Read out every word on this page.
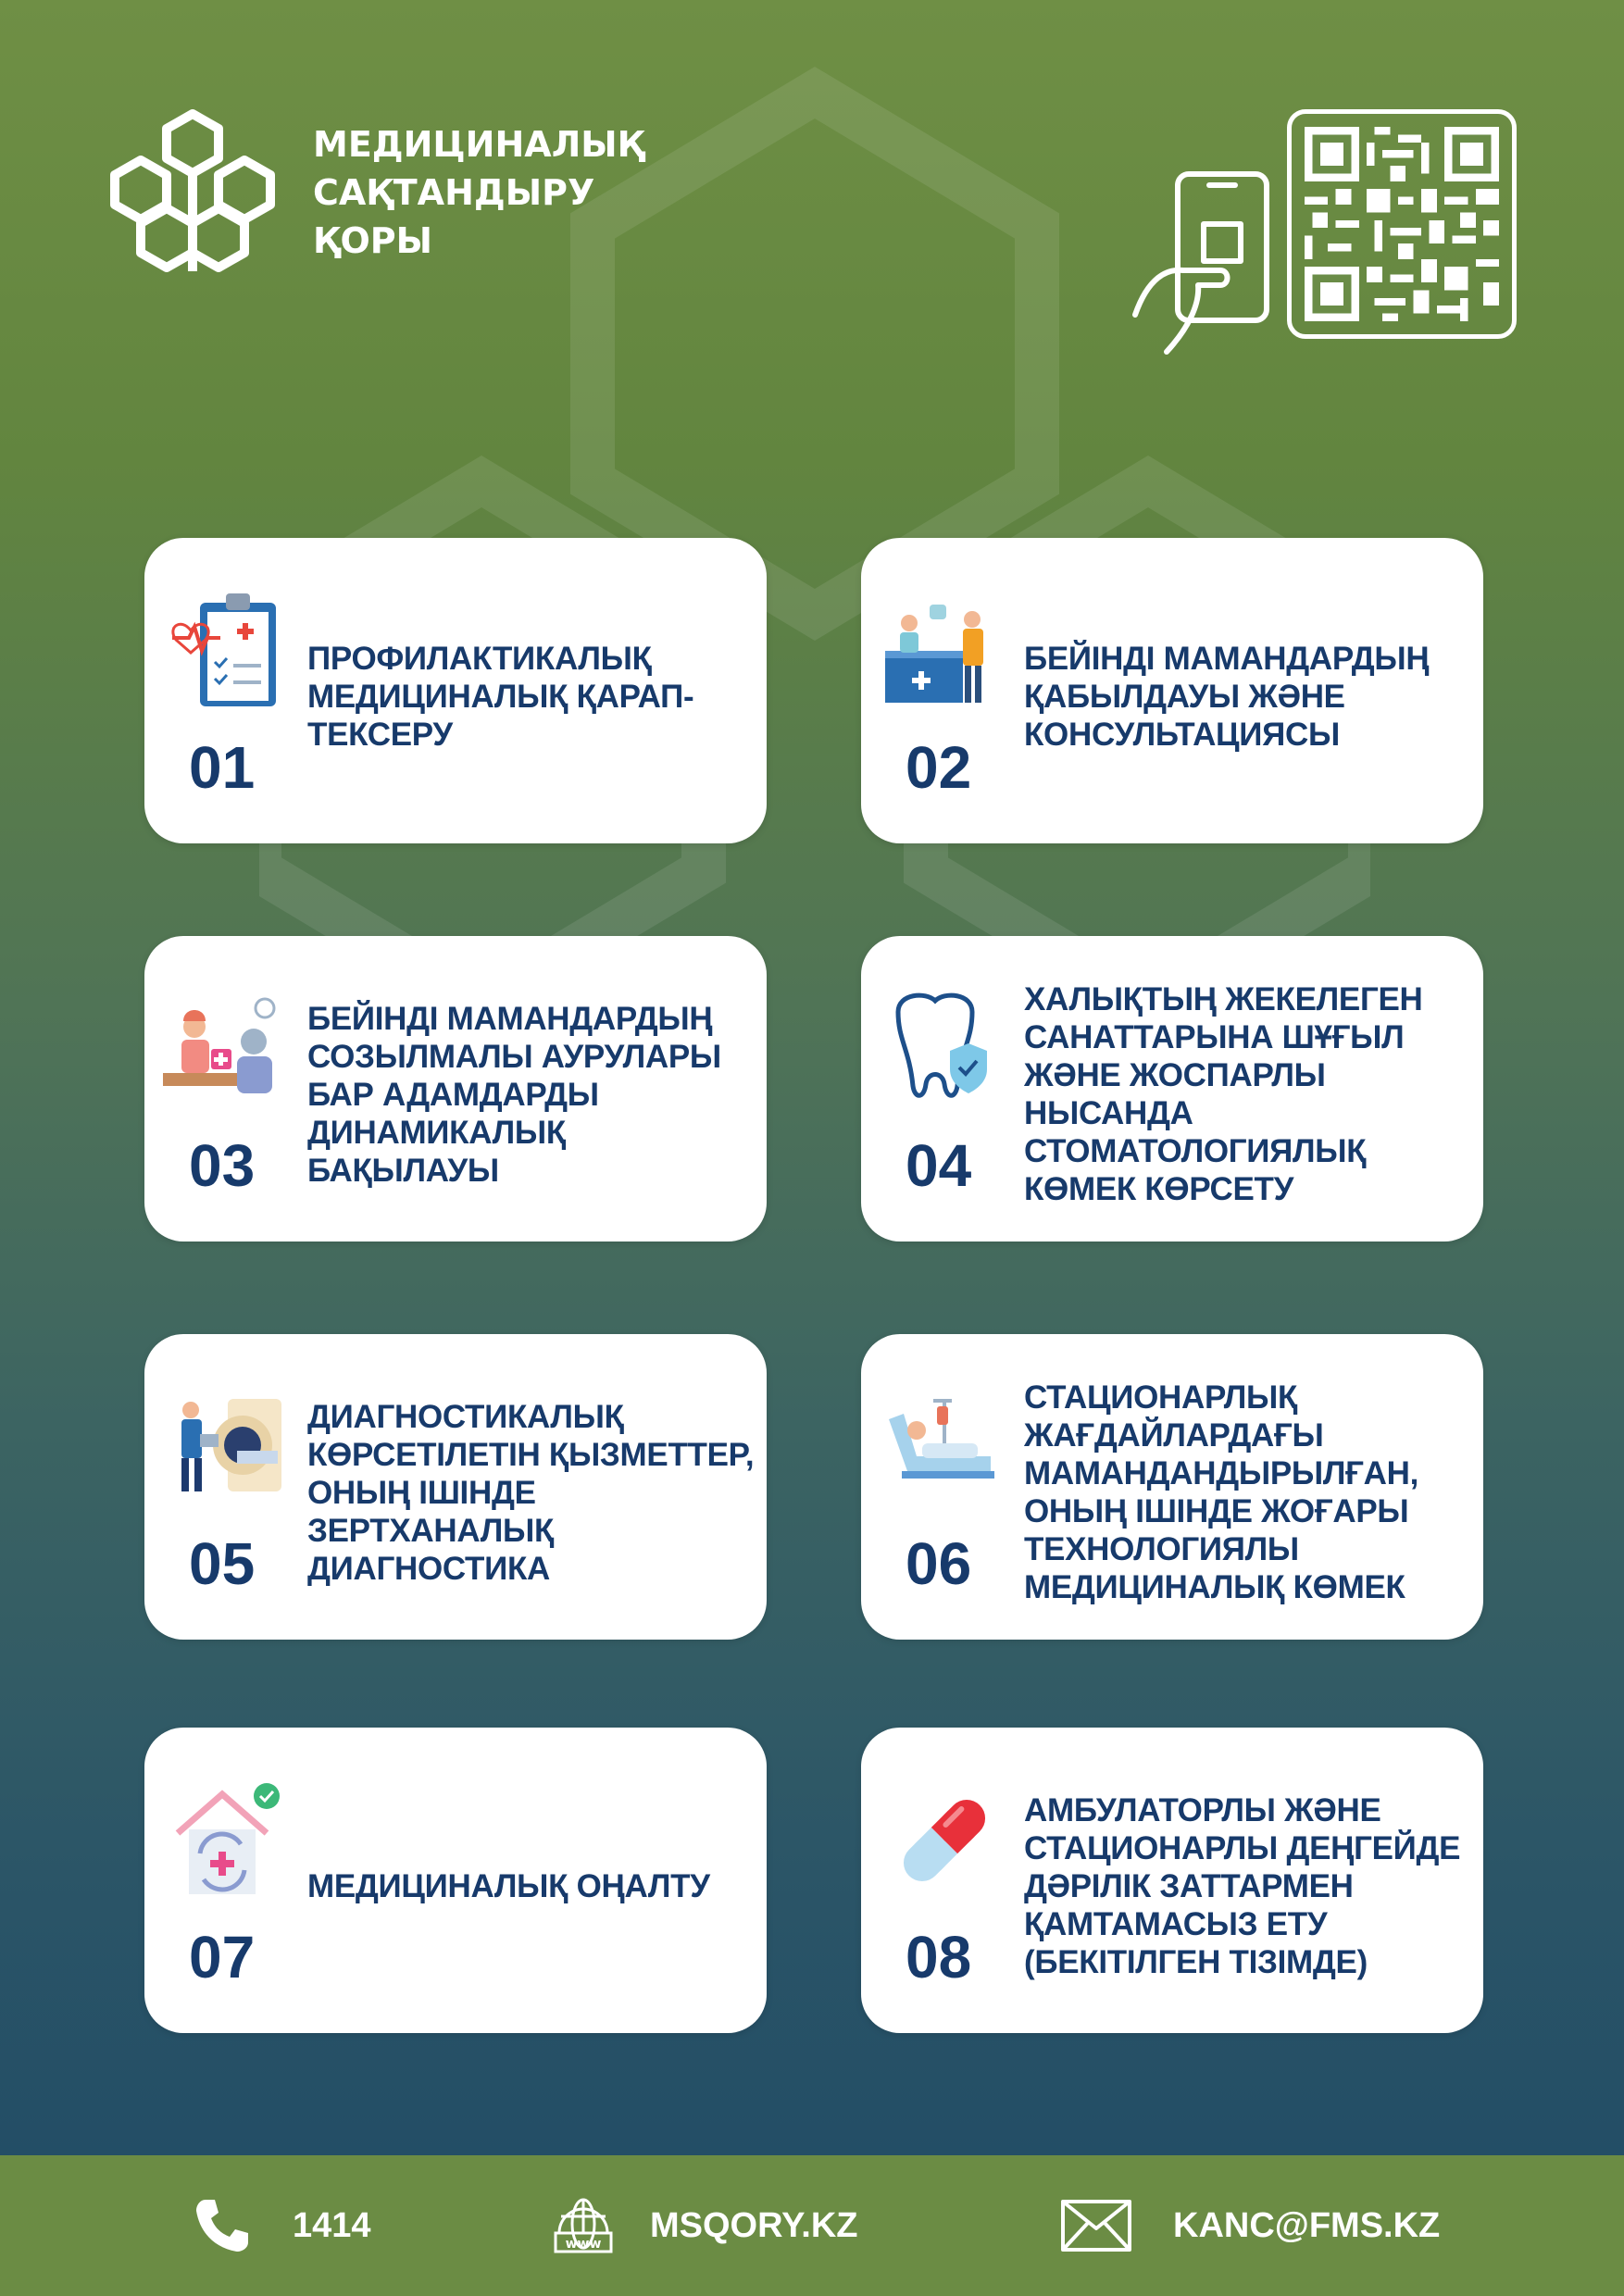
МЕДИЦИНАЛЫҚ
САҚТАНДЫРУ
ҚОРЫ
01
ПРОФИЛАКТИКАЛЫҚ
МЕДИЦИНАЛЫҚ ҚАРАП-
ТЕКСЕРУ	02
БЕЙІНДІ МАМАНДАРДЫҢ
ҚАБЫЛДАУЫ ЖӘНЕ
КОНСУЛЬТАЦИЯСЫ
03
БЕЙІНДІ МАМАНДАРДЫҢ
СОЗЫЛМАЛЫ АУРУЛАРЫ
БАР АДАМДАРДЫ
ДИНАМИКАЛЫҚ
БАҚЫЛАУЫ	04
ХАЛЫҚТЫҢ ЖЕКЕЛЕГЕН
САНАТТАРЫНА ШҰҒЫЛ
ЖӘНЕ ЖОСПАРЛЫ
НЫСАНДА
СТОМАТОЛОГИЯЛЫҚ
КӨМЕК КӨРСЕТУ
05
ДИАГНОСТИКАЛЫҚ
КӨРСЕТІЛЕТІН ҚЫЗМЕТТЕР,
ОНЫҢ ІШІНДЕ
ЗЕРТХАНАЛЫҚ
ДИАГНОСТИКА	06
СТАЦИОНАРЛЫҚ
ЖАҒДАЙЛАРДАҒЫ
МАМАНДАНДЫРЫЛҒАН,
ОНЫҢ ІШІНДЕ ЖОҒАРЫ
ТЕХНОЛОГИЯЛЫ
МЕДИЦИНАЛЫҚ КӨМЕК
07
МЕДИЦИНАЛЫҚ ОҢАЛТУ
08
АМБУЛАТОРЛЫ ЖӘНЕ
СТАЦИОНАРЛЫ ДЕҢГЕЙДЕ
ДӘРІЛІК ЗАТТАРМЕН
ҚАМТАМАСЫЗ ЕТУ
(БЕКІТІЛГЕН ТІЗІМДЕ)
1414	www MSQORY.KZ	KANC@FMS.KZ
